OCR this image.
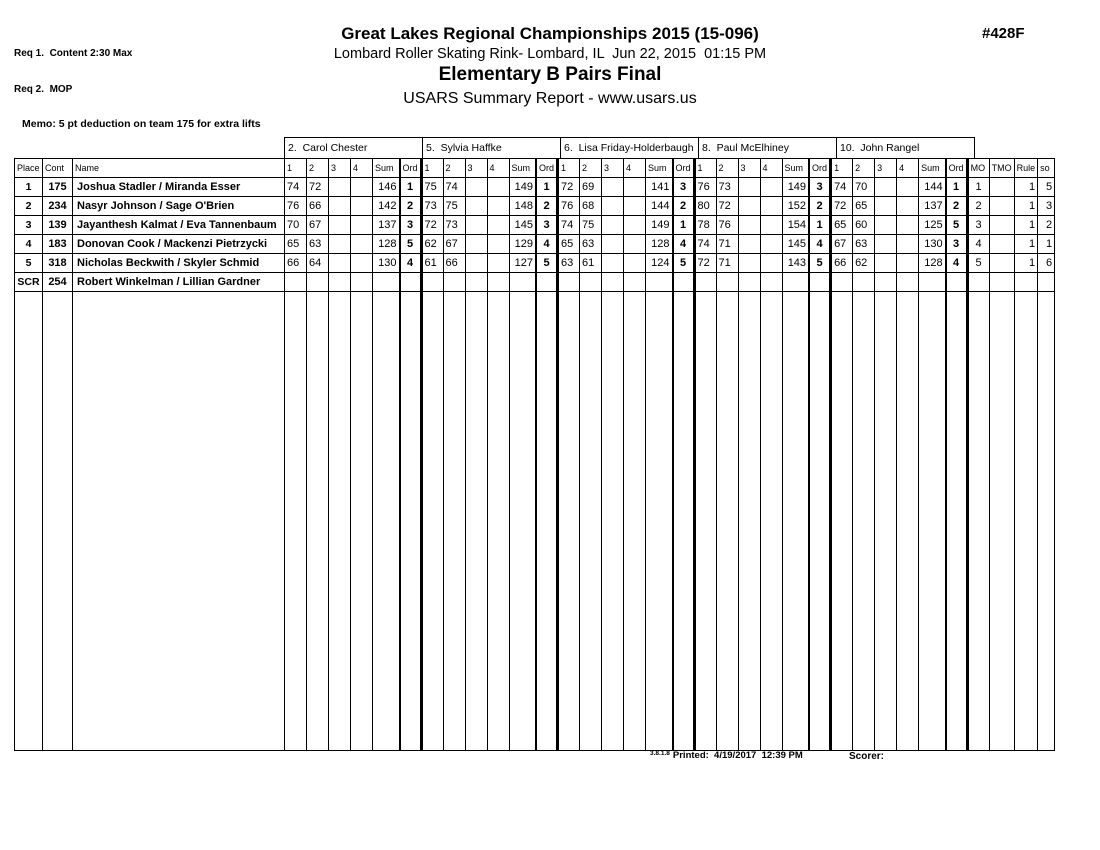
Req 1.  Content 2:30 Max

Req 2.  MOP

Great Lakes Regional Championships 2015 (15-096)
Lombard Roller Skating Rink- Lombard, IL  Jun 22, 2015  01:15 PM
Elementary B Pairs Final
USARS Summary Report - www.usars.us
#428F
Memo: 5 pt deduction on team 175 for extra lifts
2.  Carol Chester	5.  Sylvia Haffke	6.  Lisa Friday-Holderbaugh 8.  Paul McElhiney	10.  John Rangel
Place	Cont	Name	1	2	3	4	Sum	Ord	1	2	3	4	Sum	Ord	1	2	3	4	Sum	Ord	1	2	3	4	Sum	Ord	1	2	3	4	Sum	Ord	MO	TMO	Rule	so
1	175	Joshua Stadler / Miranda Esser	74	72			146	1	75	74			149	1	72	69			141	3	76	73			149	3	74	70			144	1	1		1	5
2	234	Nasyr Johnson / Sage O'Brien	76	66			142	2	73	75			148	2	76	68			144	2	80	72			152	2	72	65			137	2	2		1	3
3	139	Jayanthesh Kalmat / Eva Tannenbaum	70	67			137	3	72	73			145	3	74	75			149	1	78	76			154	1	65	60			125	5	3		1	2
4	183	Donovan Cook / Mackenzi Pietrzycki	65	63			128	5	62	67			129	4	65	63			128	4	74	71			145	4	67	63			130	3	4		1	1
5	318	Nicholas Beckwith / Skyler Schmid	66	64			130	4	61	66			127	5	63	61			124	5	72	71			143	5	66	62			128	4	5		1	6
SCR	254	Robert Winkelman / Lillian Gardner																																		

$^{3.8.1.8}$ Printed:  4/19/2017  12:39 PM	Scorer:
